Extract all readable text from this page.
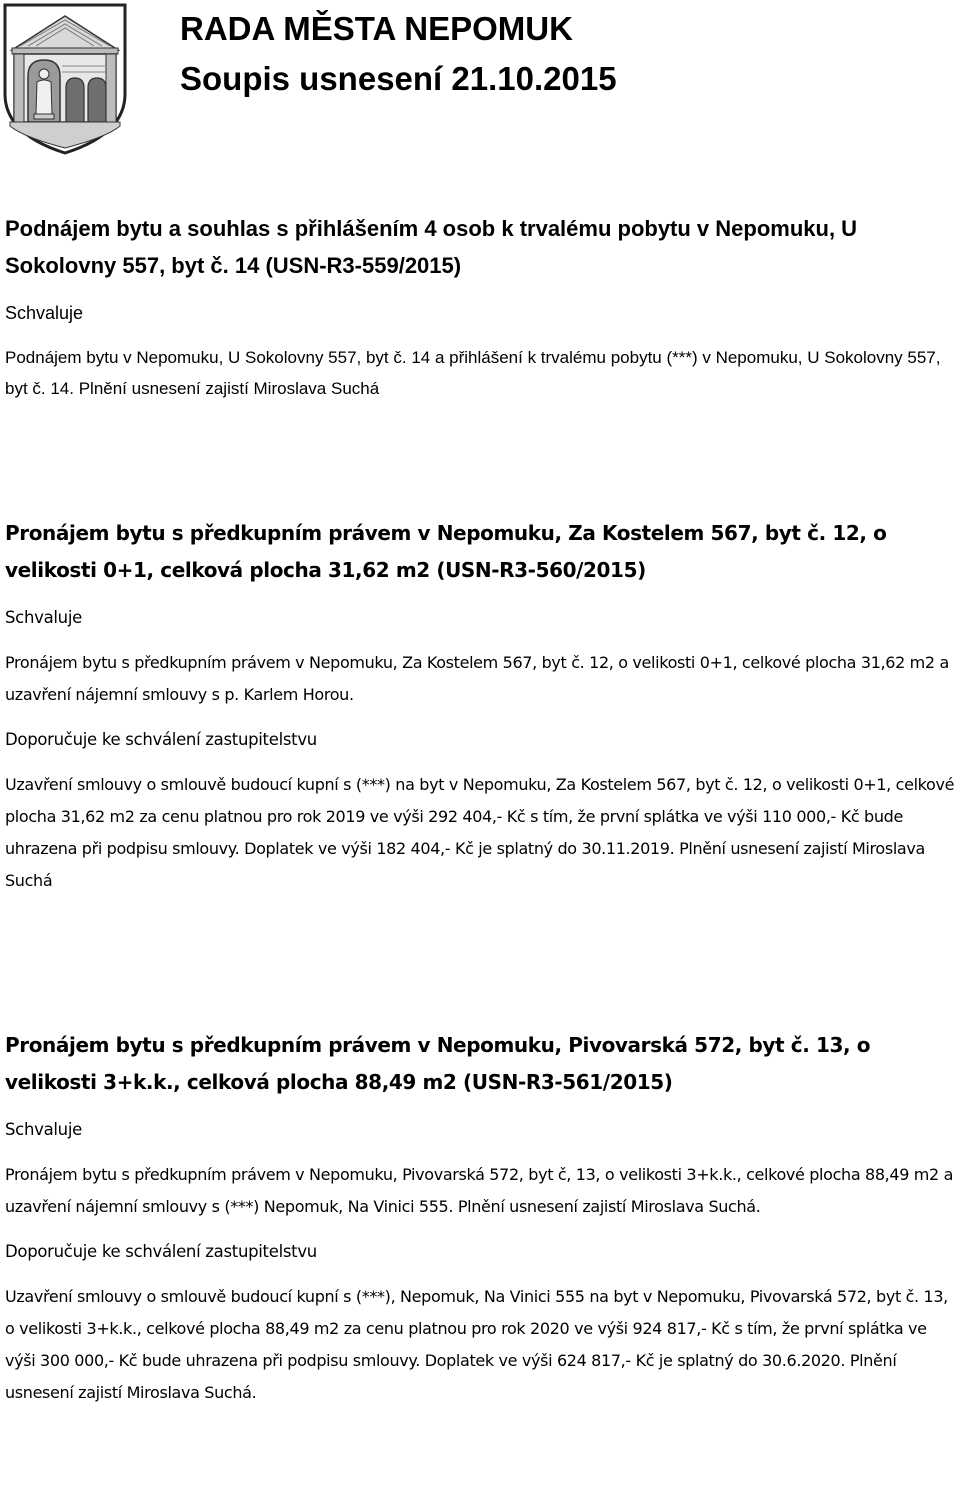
RADA MĚSTA NEPOMUK
Soupis usnesení 21.10.2015

Podnájem bytu a souhlas s přihlášením 4 osob k trvalému pobytu v Nepomuku, U Sokolovny 557, byt č. 14 (USN-R3-559/2015)

Schvaluje

Podnájem bytu v Nepomuku, U Sokolovny 557, byt č. 14 a přihlášení k trvalému pobytu (***) v Nepomuku, U Sokolovny 557, byt č. 14. Plnění usnesení zajistí Miroslava Suchá

Pronájem bytu s předkupním právem v Nepomuku, Za Kostelem 567, byt č. 12, o velikosti 0+1, celková plocha 31,62 m2 (USN-R3-560/2015)

Schvaluje

Pronájem bytu s předkupním právem v Nepomuku, Za Kostelem 567, byt č. 12, o velikosti 0+1, celkové plocha 31,62 m2 a uzavření nájemní smlouvy s p. Karlem Horou.

Doporučuje ke schválení zastupitelstvu

Uzavření smlouvy o smlouvě budoucí kupní s (***) na byt v Nepomuku, Za Kostelem 567, byt č. 12, o velikosti 0+1, celkové plocha 31,62 m2 za cenu platnou pro rok 2019 ve výši 292 404,- Kč s tím, že první splátka ve výši 110 000,- Kč bude uhrazena při podpisu smlouvy. Doplatek ve výši 182 404,- Kč je splatný do 30.11.2019. Plnění usnesení zajistí Miroslava Suchá

Pronájem bytu s předkupním právem v Nepomuku, Pivovarská 572, byt č. 13, o velikosti 3+k.k., celková plocha 88,49 m2 (USN-R3-561/2015)

Schvaluje

Pronájem bytu s předkupním právem v Nepomuku, Pivovarská 572, byt č, 13, o velikosti 3+k.k., celkové plocha 88,49 m2 a uzavření nájemní smlouvy s (***) Nepomuk, Na Vinici 555. Plnění usnesení zajistí Miroslava Suchá.

Doporučuje ke schválení zastupitelstvu

Uzavření smlouvy o smlouvě budoucí kupní s (***), Nepomuk, Na Vinici 555 na byt v Nepomuku, Pivovarská 572, byt č. 13, o velikosti 3+k.k., celkové plocha 88,49 m2 za cenu platnou pro rok 2020 ve výši 924 817,- Kč s tím, že první splátka ve výši 300 000,- Kč bude uhrazena při podpisu smlouvy. Doplatek ve výši 624 817,- Kč je splatný do 30.6.2020. Plnění usnesení zajistí Miroslava Suchá.
